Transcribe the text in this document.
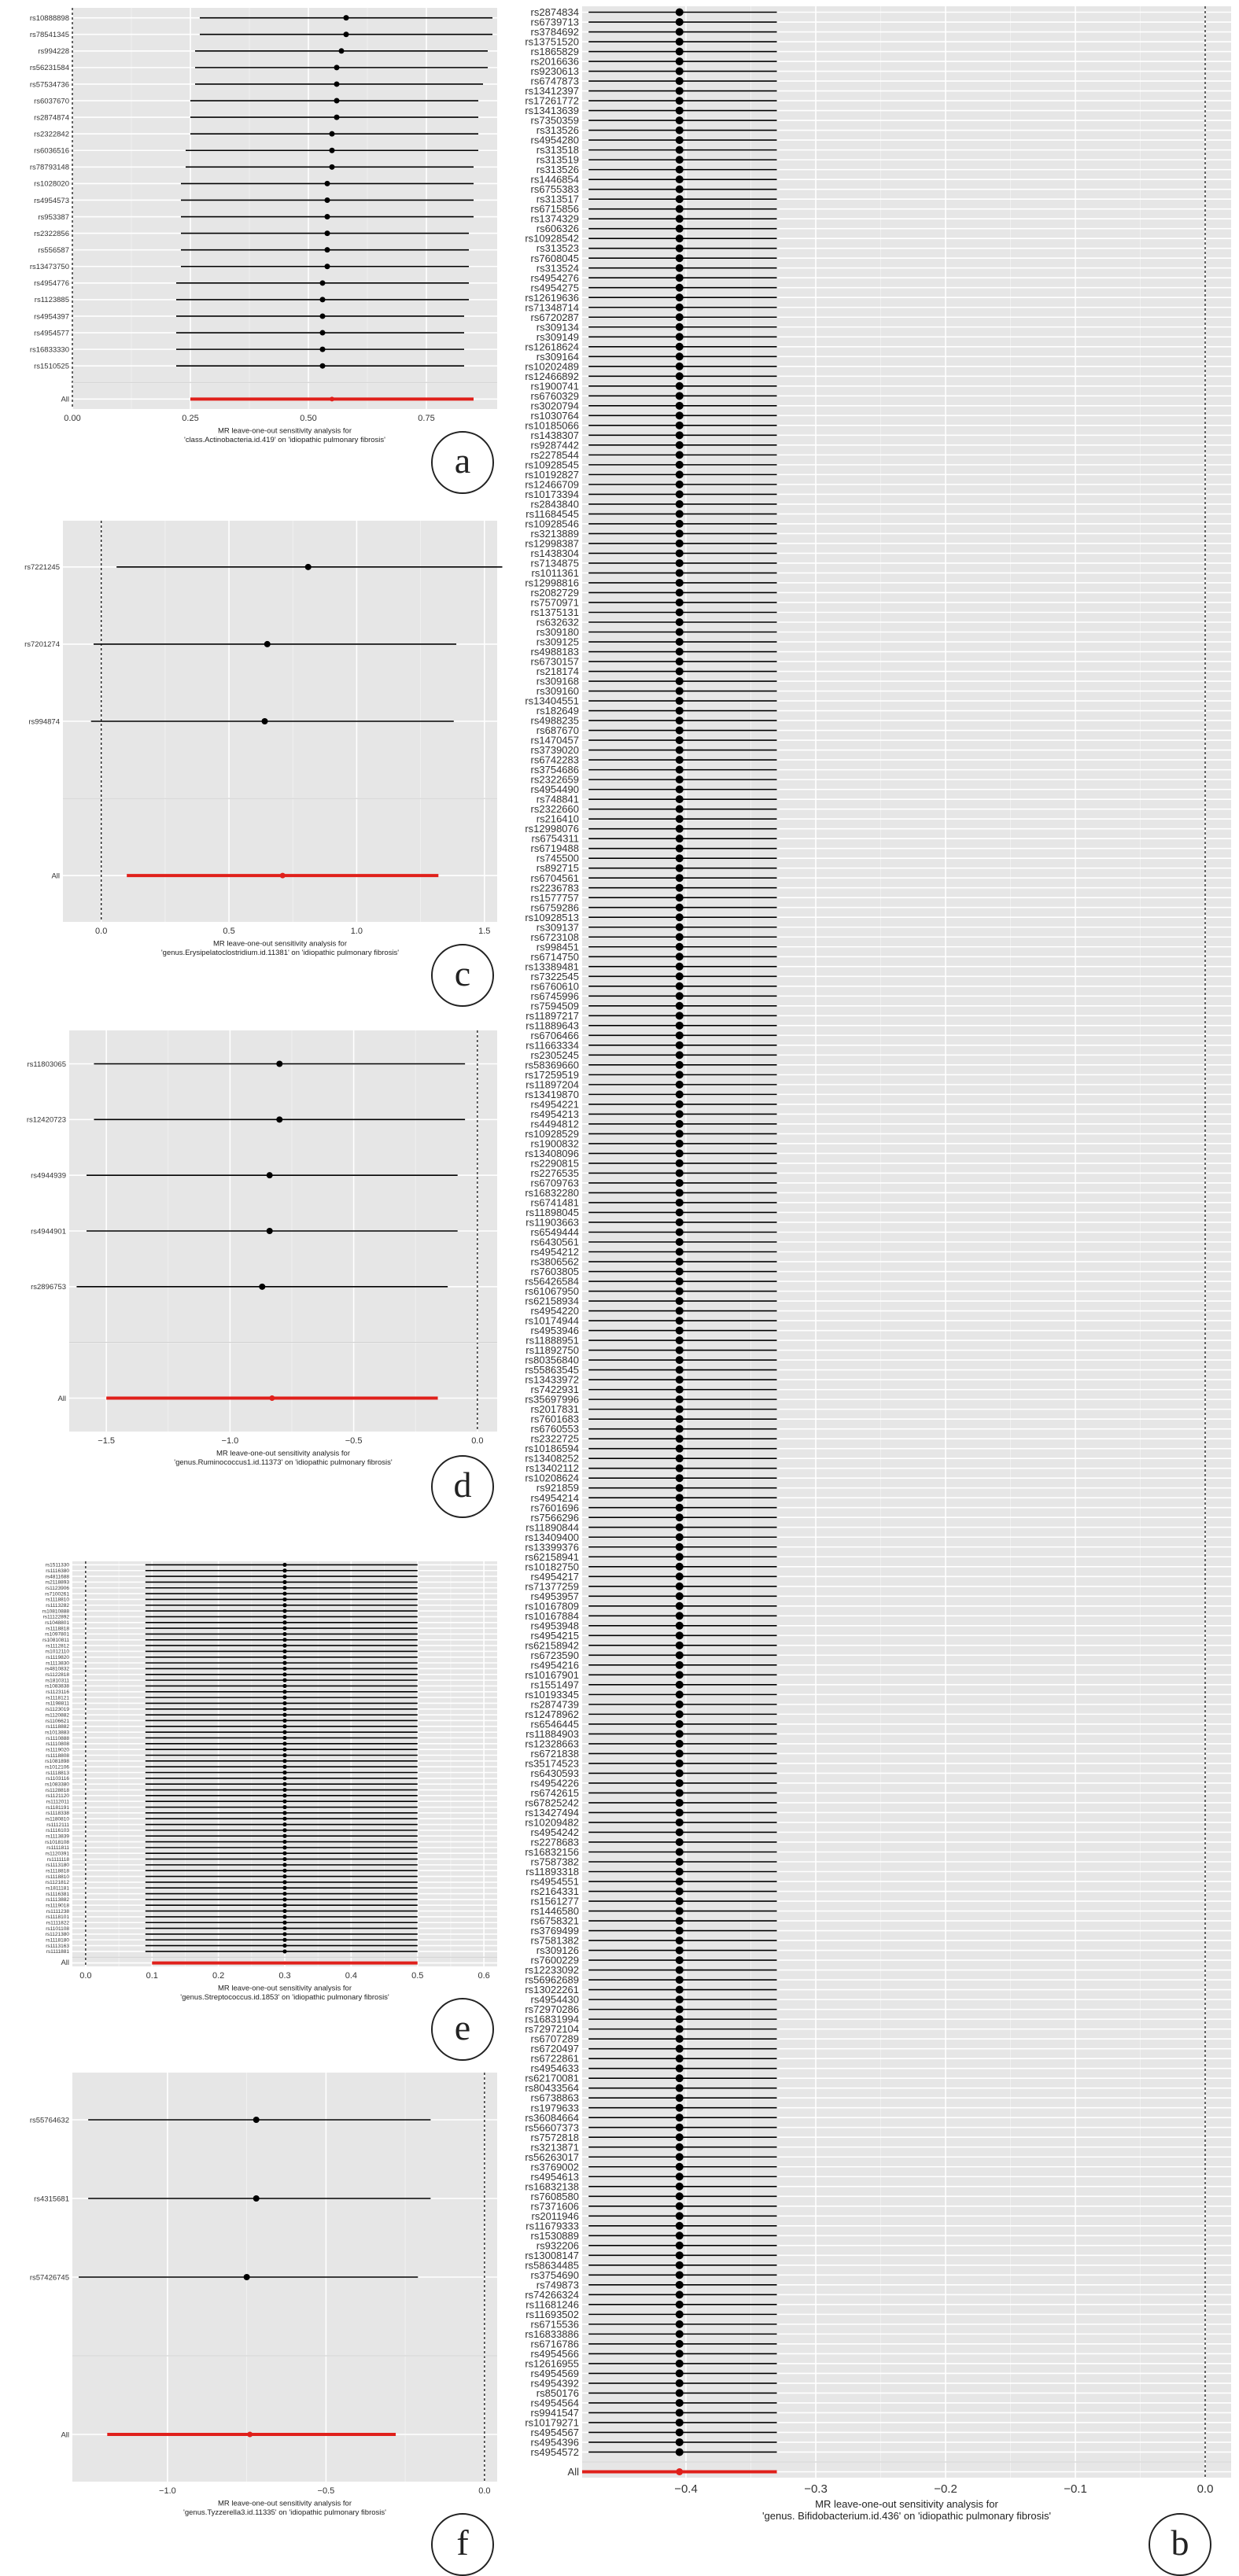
0.00	0.25	0.50	0.75
rs10888898
rs78541345
rs994228
rs56231584
rs57534736
rs6037670
rs2874874
rs2322842
rs6036516
rs78793148
rs1028020
rs4954573
rs953387
rs2322856
rs556587
rs13473750
rs4954776
rs1123885
rs4954397
rs4954577
rs16833330
rs1510525
All
MR leave-one-out sensitivity analysis for
'class.Actinobacteria.id.419' on 'idiopathic pulmonary fibrosis'
a
0.0	0.5	1.0	1.5
rs7221245
rs7201274
rs994874
All
MR leave-one-out sensitivity analysis for
'genus.Erysipelatoclostridium.id.11381' on 'idiopathic pulmonary fibrosis'
c
−1.5	−1.0	−0.5	0.0
rs11803065
rs12420723
rs4944939
rs4944901
rs2896753
All
MR leave-one-out sensitivity analysis for
'genus.Ruminococcus1.id.11373' on 'idiopathic pulmonary fibrosis'
d
0.0	0.1	0.2	0.3	0.4	0.5	0.6
rs1511330
rs1116380
rs4811688
rs2118893
rs1123906
rs7100261
rs1118810
rs1113282
rs10810888
rs11122892
rs1048801
rs1118818
rs1097801
rs10810811
rs1112812
rs1012110
rs1119820
rs1113830
rs4810832
rs1122818
rs1810311
rs1083838
rs1123116
rs1118121
rs1198811
rs1123019
rs1120882
rs1106621
rs1118882
rs1013883
rs1110888
rs1110808
rs1119020
rs1118808
rs1081898
rs1012106
rs1118813
rs1103116
rs1083380
rs1128818
rs1121120
rs1112011
rs1181191
rs1118338
rs1180810
rs1112111
rs1116103
rs1113839
rs1018108
rs1111811
rs1120391
rs1111118
rs1113180
rs1118818
rs1118810
rs1121812
rs1811181
rs1116381
rs1113882
rs1119018
rs1111238
rs1118101
rs1111822
rs1101108
rs1121380
rs1118180
rs1113163
rs1111881
All
MR leave-one-out sensitivity analysis for
'genus.Streptococcus.id.1853' on 'idiopathic pulmonary fibrosis'
e
−1.0	−0.5	0.0
rs55764632
rs4315681
rs57426745
All
MR leave-one-out sensitivity analysis for
'genus.Tyzzerella3.id.11335' on 'idiopathic pulmonary fibrosis'
f
−0.4	−0.3	−0.2	−0.1	0.0
rs2874834
rs6739713
rs3784692
rs13751520
rs1865829
rs2016636
rs9230613
rs6747873
rs13412397
rs17261772
rs13413639
rs7350359
rs313526
rs4954280
rs313518
rs313519
rs313526
rs1446854
rs6755383
rs313517
rs6715856
rs1374329
rs606326
rs10928542
rs313523
rs7608045
rs313524
rs4954276
rs4954275
rs12619636
rs71348714
rs6720287
rs309134
rs309149
rs12618624
rs309164
rs10202489
rs12466892
rs1900741
rs6760329
rs3020794
rs1030764
rs10185066
rs1438307
rs9287442
rs2278544
rs10928545
rs10192827
rs12466709
rs10173394
rs2843840
rs11684545
rs10928546
rs3213889
rs12998387
rs1438304
rs7134875
rs1011361
rs12998816
rs2082729
rs7570971
rs1375131
rs632632
rs309180
rs309125
rs4988183
rs6730157
rs218174
rs309168
rs309160
rs13404551
rs182649
rs4988235
rs687670
rs1470457
rs3739020
rs6742283
rs3754686
rs2322659
rs4954490
rs748841
rs2322660
rs216410
rs12998076
rs6754311
rs6719488
rs745500
rs892715
rs6704561
rs2236783
rs1577757
rs6759286
rs10928513
rs309137
rs6723108
rs998451
rs6714750
rs13389481
rs7322545
rs6760610
rs6745996
rs7594509
rs11897217
rs11889643
rs6706466
rs11663334
rs2305245
rs58369660
rs17259519
rs11897204
rs13419870
rs4954221
rs4954213
rs4494812
rs10928529
rs1900832
rs13408096
rs2290815
rs2276535
rs6709763
rs16832280
rs6741481
rs11898045
rs11903663
rs6549444
rs6430561
rs4954212
rs3806562
rs7603805
rs56426584
rs61067950
rs62158934
rs4954220
rs10174944
rs4953946
rs11888951
rs11892750
rs80356840
rs55863545
rs13433972
rs7422931
rs35697996
rs2017831
rs7601683
rs6760553
rs2322725
rs10186594
rs13408252
rs13402112
rs10208624
rs921859
rs4954214
rs7601696
rs7566296
rs11890844
rs13409400
rs13399376
rs62158941
rs10182750
rs4954217
rs71377259
rs4953957
rs10167809
rs10167884
rs4953948
rs4954215
rs62158942
rs6723590
rs4954216
rs10167901
rs1551497
rs10193345
rs2874739
rs12478962
rs6546445
rs11884903
rs12328663
rs6721838
rs35174523
rs6430593
rs4954226
rs6742615
rs67825242
rs13427494
rs10209482
rs4954242
rs2278683
rs16832156
rs7587382
rs11893318
rs4954551
rs2164331
rs1561277
rs1446580
rs6758321
rs3769499
rs7581382
rs309126
rs7600229
rs12233092
rs56962689
rs13022261
rs4954430
rs72970286
rs16831994
rs72972104
rs6707289
rs6720497
rs6722861
rs4954633
rs62170081
rs80433564
rs6738863
rs1979633
rs36084664
rs56607373
rs7572818
rs3213871
rs56263017
rs3769002
rs4954613
rs16832138
rs7608580
rs7371606
rs2011946
rs11679333
rs1530889
rs932206
rs13008147
rs58634485
rs3754690
rs749873
rs74266324
rs11681246
rs11693502
rs6715536
rs16833886
rs6716786
rs4954566
rs12616955
rs4954569
rs4954392
rs850176
rs4954564
rs9941547
rs10179271
rs4954567
rs4954396
rs4954572
All
MR leave-one-out sensitivity analysis for
'genus. Bifidobacterium.id.436' on 'idiopathic pulmonary fibrosis'
b
